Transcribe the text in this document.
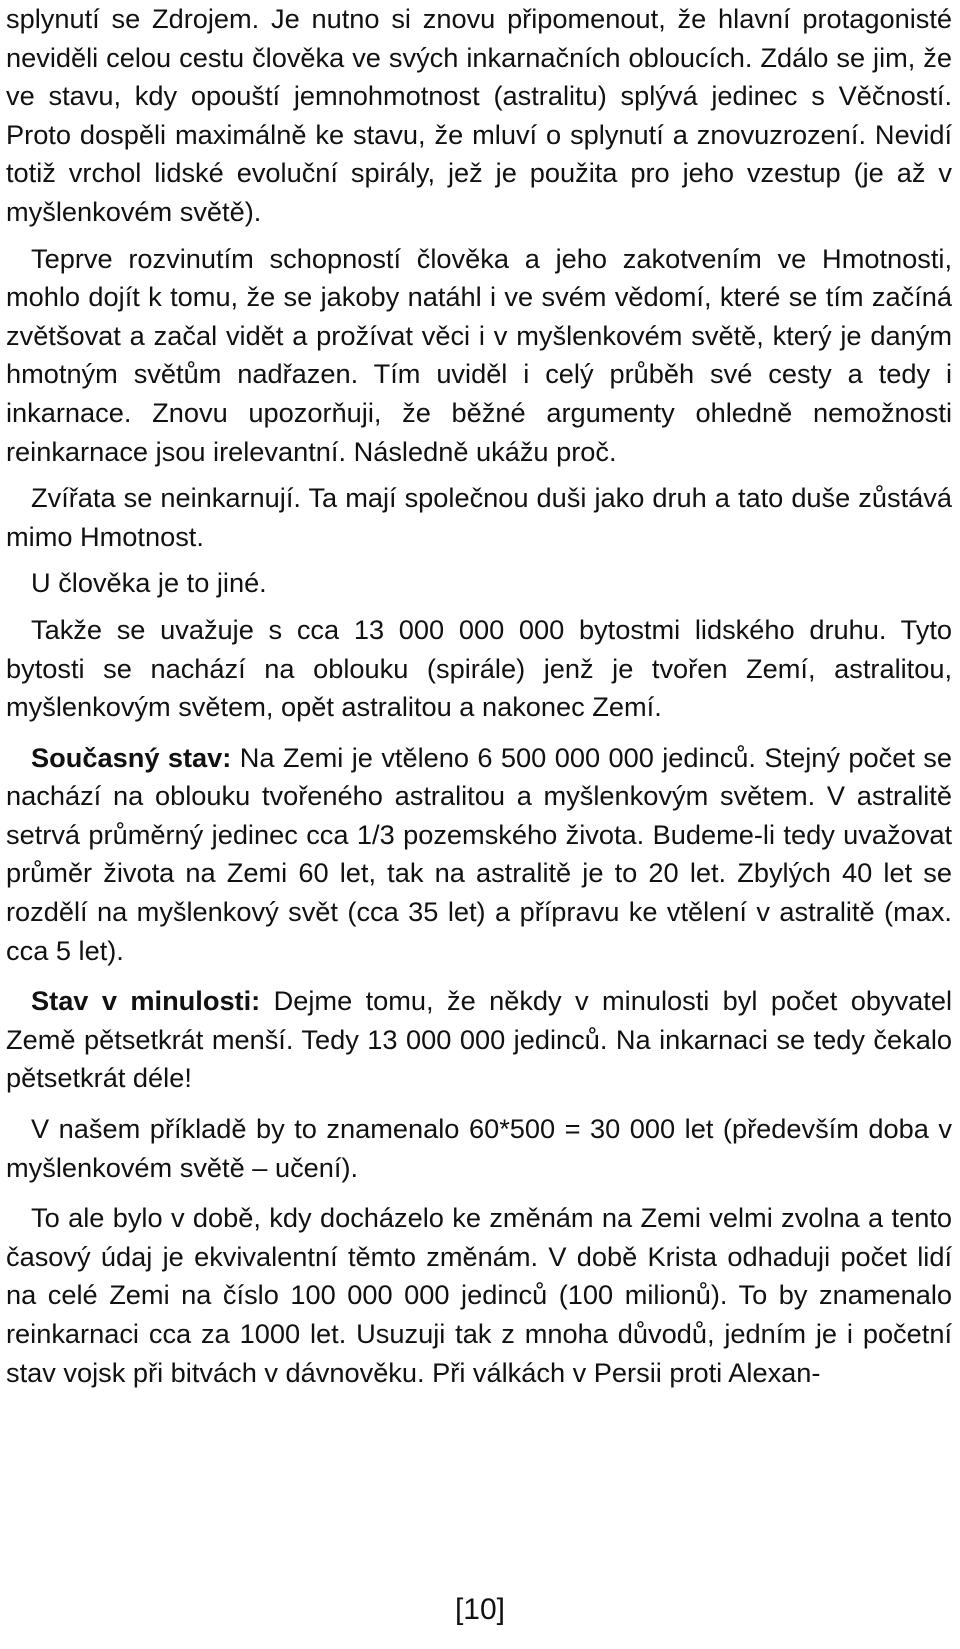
splynutí se Zdrojem. Je nutno si znovu připomenout, že hlavní protagonisté neviděli celou cestu člověka ve svých inkarnačních obloucích. Zdálo se jim, že ve stavu, kdy opouští jemnohmotnost (astralitu) splývá jedinec s Věčností. Proto dospěli maximálně ke stavu, že mluví o splynutí a znovuzrození. Nevidí totiž vrchol lidské evoluční spirály, jež je použita pro jeho vzestup (je až v myšlenkovém světě).

Teprve rozvinutím schopností člověka a jeho zakotvením ve Hmotnosti, mohlo dojít k tomu, že se jakoby natáhl i ve svém vědomí, které se tím začíná zvětšovat a začal vidět a prožívat věci i v myšlenkovém světě, který je daným hmotným světům nadřazen. Tím uviděl i celý průběh své cesty a tedy i inkarnace. Znovu upozorňuji, že běžné argumenty ohledně nemožnosti reinkarnace jsou irelevantní. Následně ukážu proč.

Zvířata se neinkarnují. Ta mají společnou duši jako druh a tato duše zůstává mimo Hmotnost.

U člověka je to jiné.

Takže se uvažuje s cca 13 000 000 000 bytostmi lidského druhu. Tyto bytosti se nachází na oblouku (spirále) jenž je tvořen Zemí, astralitou, myšlenkovým světem, opět astralitou a nakonec Zemí.

Současný stav: Na Zemi je vtěleno 6 500 000 000 jedinců. Stejný počet se nachází na oblouku tvořeného astralitou a myšlenkovým světem. V astralitě setrvá průměrný jedinec cca 1/3 pozemského života. Budeme-li tedy uvažovat průměr života na Zemi 60 let, tak na astralitě je to 20 let. Zbylých 40 let se rozdělí na myšlenkový svět (cca 35 let) a přípravu ke vtělení v astralitě (max. cca 5 let).

Stav v minulosti: Dejme tomu, že někdy v minulosti byl počet obyvatel Země pětsetkrát menší. Tedy 13 000 000 jedinců. Na inkarnaci se tedy čekalo pětsetkrát déle!

V našem příkladě by to znamenalo 60*500 = 30 000 let (především doba v myšlenkovém světě – učení).

To ale bylo v době, kdy docházelo ke změnám na Zemi velmi zvolna a tento časový údaj je ekvivalentní těmto změnám. V době Krista odhaduji počet lidí na celé Zemi na číslo 100 000 000 jedinců (100 milionů). To by znamenalo reinkarnaci cca za 1000 let. Usuzuji tak z mnoha důvodů, jedním je i početní stav vojsk při bitvách v dávnověku. Při válkách v Persii proti Alexan-

[10]
